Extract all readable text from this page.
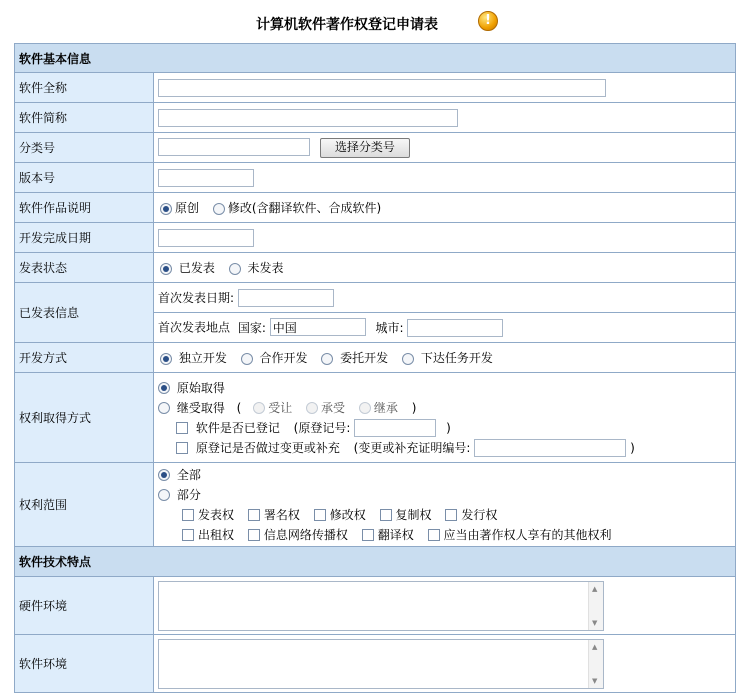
计算机软件著作权登记申请表	!
软件基本信息	
软件全称	
软件简称	
分类号	选择分类号
版本号	
软件作品说明	原创 修改(含翻译软件、合成软件)
开发完成日期	
发表状态	已发表 未发表
已发表信息	首次发表日期:
	首次发表地点 国家: 中国 城市:
开发方式	独立开发 合作开发 委托开发 下达任务开发
权利取得方式	原始取得
继受取得 ( 受让 承受 继承 )
软件是否已登记 (原登记号: )
原登记是否做过变更或补充 (变更或补充证明编号: )

权利范围	全部
部分
发表权 署名权 修改权 复制权 发行权
出租权 信息网络传播权 翻译权 应当由著作权人享有的其他权利

软件技术特点	
硬件环境	▲
▼

软件环境	▲
▼
